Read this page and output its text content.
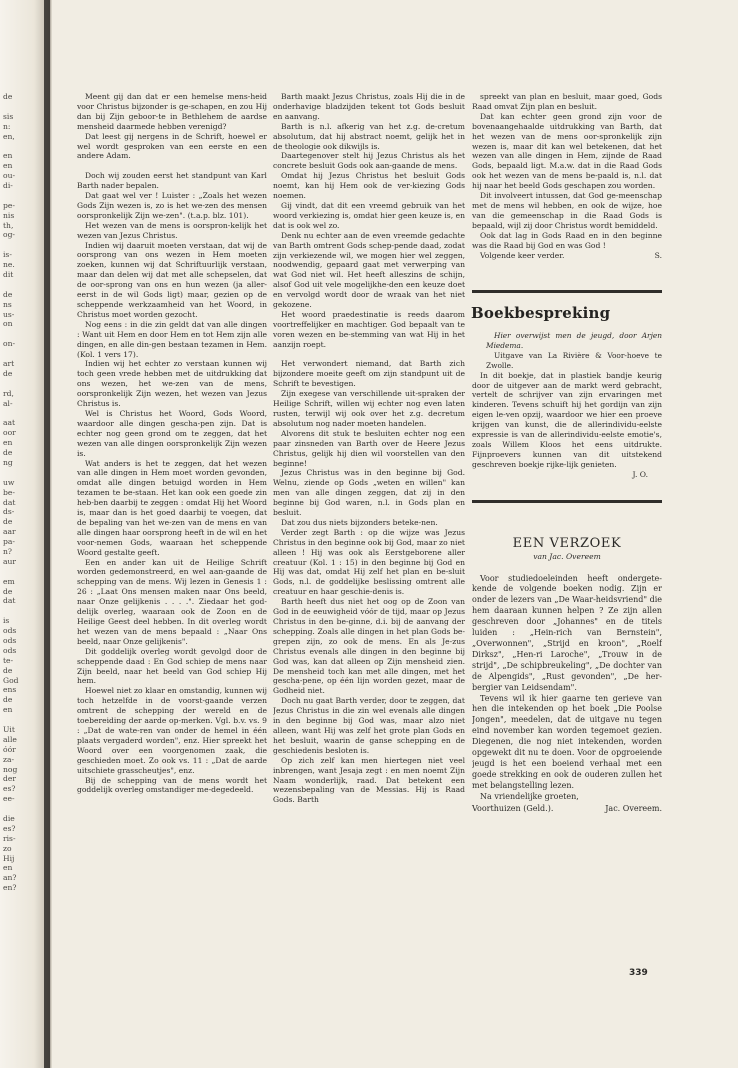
de
sis
n:
en,
en
en
ou-
di-
pe-
nis
th,
og-
is-
ne.
dit
de
ns
us-
on
on-
art
de
rd,
al-
aat
oor
en
de
ng
uw
be-
dat
ds-
de
aar
pa-
n?
aur
em
de
dat
is
ods
ods
ods
te-
de
God
ens
de
en
Uit
alle
óór
za-
nog
der
es?
ee-
die
es?
ris-
zo
Hij
en
an?
en?

Meent gij dan dat er een hemelse mens-heid voor Christus bijzonder is ge-schapen, en zou Hij dan bij Zijn geboor-te in Bethlehem de aardse mensheid daarmede hebben verenigd?

Dat leest gij nergens in de Schrift, hoewel er wel wordt gesproken van een eerste en een andere Adam.

Doch wij zouden eerst het standpunt van Karl Barth nader bepalen.

Dat gaat wel ver ! Luister : „Zoals het wezen Gods Zijn wezen is, zo is het we-zen des mensen oorspronkelijk Zijn we-zen". (t.a.p. blz. 101).

Het wezen van de mens is oorspron-kelijk het wezen van Jezus Christus.

Indien wij daaruit moeten verstaan, dat wij de oorsprong van ons wezen in Hem moeten zoeken, kunnen wij dat Schriftuurlijk verstaan, maar dan delen wij dat met alle schepselen, dat de oor-sprong van ons en hun wezen (ja aller-eerst in de wil Gods ligt) maar, gezien op de scheppende werkzaamheid van het Woord, in Christus moet worden gezocht.

Nog eens : in die zin geldt dat van alle dingen : Want uit Hem en door Hem en tot Hem zijn alle dingen, en alle din-gen bestaan tezamen in Hem. (Kol. 1 vers 17).

Indien wij het echter zo verstaan kunnen wij toch geen vrede hebben met de uitdrukking dat ons wezen, het we-zen van de mens, oorspronkelijk Zijn wezen, het wezen van Jezus Christus is.

Wel is Christus het Woord, Gods Woord, waardoor alle dingen gescha-pen zijn. Dat is echter nog geen grond om te zeggen, dat het wezen van alle dingen oorspronkelijk Zijn wezen is.

Wat anders is het te zeggen, dat het wezen van alle dingen in Hem moet worden gevonden, omdat alle dingen betuigd worden in Hem tezamen te be-staan. Het kan ook een goede zin heb-ben daarbij te zeggen : omdat Hij het Woord is, maar dan is het goed daarbij te voegen, dat de bepaling van het we-zen van de mens en van alle dingen haar oorsprong heeft in de wil en het voor-nemen Gods, waaraan het scheppende Woord gestalte geeft.

Een en ander kan uit de Heilige Schrift worden gedemonstreerd, en wel aan-gaande de schepping van de mens. Wij lezen in Genesis 1 : 26 : „Laat Ons mensen maken naar Ons beeld, naar Onze gelijkenis . . . .". Ziedaar het god-delijk overleg, waaraan ook de Zoon en de Heilige Geest deel hebben. In dit overleg wordt het wezen van de mens bepaald : „Naar Ons beeld, naar Onze gelijkenis".

Dit goddelijk overleg wordt gevolgd door de scheppende daad : En God schiep de mens naar Zijn beeld, naar het beeld van God schiep Hij hem.

Hoewel niet zo klaar en omstandig, kunnen wij toch hetzelfde in de voorst-gaande verzen omtrent de schepping der wereld en de toebereiding der aarde op-merken. Vgl. b.v. vs. 9 : „Dat de wate-ren van onder de hemel in één plaats vergaderd worden", enz. Hier spreekt het Woord over een voorgenomen zaak, die geschieden moet. Zo ook vs. 11 : „Dat de aarde uitschiete grasscheutjes", enz.

Bij de schepping van de mens wordt het goddelijk overleg omstandiger me-degedeeld.

Barth maakt Jezus Christus, zoals Hij die in de onderhavige bladzijden tekent tot Gods besluit en aanvang.

Barth is n.l. afkerig van het z.g. de-cretum absolutum, dat hij abstract noemt, gelijk het in de theologie ook dikwijls is.

Daartegenover stelt hij Jezus Christus als het concrete besluit Gods ook aan-gaande de mens.

Omdat hij Jezus Christus het besluit Gods noemt, kan hij Hem ook de ver-kiezing Gods noemen.

Gij vindt, dat dit een vreemd gebruik van het woord verkiezing is, omdat hier geen keuze is, en dat is ook wel zo.

Denk nu echter aan de even vreemde gedachte van Barth omtrent Gods schep-pende daad, zodat zijn verkiezende wil, we mogen hier wel zeggen, noodwendig, gepaard gaat met verwerping van wat God niet wil. Het heeft alleszins de schijn, alsof God uit vele mogelijkhe-den een keuze doet en vervolgd wordt door de wraak van het niet gekozene.

Het woord praedestinatie is reeds daarom voortreffelijker en machtiger. God bepaalt van te voren wezen en be-stemming van wat Hij in het aanzijn roept.

Het verwondert niemand, dat Barth zich bijzondere moeite geeft om zijn standpunt uit de Schrift te bevestigen.

Zijn exegese van verschillende uit-spraken der Heilige Schrift, willen wij echter nog even laten rusten, terwijl wij ook over het z.g. decretum absolutum nog nader moeten handelen.

Alvorens dit stuk te besluiten echter nog een paar zinsneden van Barth over de Heere Jezus Christus, gelijk hij dien wil voorstellen van den beginne!

Jezus Christus was in den beginne bij God. Welnu, ziende op Gods „weten en willen" kan men van alle dingen zeggen, dat zij in den beginne bij God waren, n.l. in Gods plan en besluit.

Dat zou dus niets bijzonders beteke-nen.

Verder zegt Barth : op die wijze was Jezus Christus in den beginne ook bij God, maar zo niet alleen ! Hij was ook als Eerstgeborene aller creatuur (Kol. 1 : 15) in den beginne bij God en Hij was dat, omdat Hij zelf het plan en be-sluit Gods, n.l. de goddelijke beslissing omtrent alle creatuur en haar geschie-denis is.

Barth heeft dus niet het oog op de Zoon van God in de eeuwigheid vóór de tijd, maar op Jezus Christus in den be-ginne, d.i. bij de aanvang der schepping. Zoals alle dingen in het plan Gods be-grepen zijn, zo ook de mens. En als Je-zus Christus evenals alle dingen in den beginne bij God was, kan dat alleen op Zijn mensheid zien. De mensheid toch kan met alle dingen, met het gescha-pene, op één lijn worden gezet, maar de Godheid niet.

Doch nu gaat Barth verder, door te zeggen, dat Jezus Christus in die zin wel evenals alle dingen in den beginne bij God was, maar alzo niet alleen, want Hij was zelf het grote plan Gods en het besluit, waarin de ganse schepping en de geschiedenis besloten is.

Op zich zelf kan men hiertegen niet veel inbrengen, want Jesaja zegt : en men noemt Zijn Naam wonderlijk, raad. Dat betekent een wezensbepaling van de Messias. Hij is Raad Gods. Barth

spreekt van plan en besluit, maar goed, Gods Raad omvat Zijn plan en besluit.

Dat kan echter geen grond zijn voor de bovenaangehaalde uitdrukking van Barth, dat het wezen van de mens oor-spronkelijk zijn wezen is, maar dit kan wel betekenen, dat het wezen van alle dingen in Hem, zijnde de Raad Gods, bepaald ligt. M.a.w. dat in die Raad Gods ook het wezen van de mens be-paald is, n.l. dat hij naar het beeld Gods geschapen zou worden.

Dit involveert intussen, dat God ge-meenschap met de mens wil hebben, en ook de wijze, hoe van die gemeenschap in die Raad Gods is bepaald, wijl zij door Christus wordt bemiddeld.

Ook dat lag in Gods Raad en in den beginne was die Raad bij God en was God !

Volgende keer verder.	S.
Boekbespreking

Hier overwijst men de jeugd, door Arjen Miedema.

Uitgave van La Rivière & Voor-hoeve te Zwolle.

In dit boekje, dat in plastiek bandje keurig door de uitgever aan de markt werd gebracht, vertelt de schrijver van zijn ervaringen met kinderen. Tevens schuift hij het gordijn van zijn eigen le-ven opzij, waardoor we hier een proeve krijgen van kunst, die de allerindividu-eelste expressie is van de allerindividu-eelste emotie's, zoals Willem Kloos het eens uitdrukte. Fijnproevers kunnen van dit uitstekend geschreven boekje rijke-lijk genieten.

J. O.
EEN VERZOEK
van Jac. Overeem

Voor studiedoeleinden heeft ondergete-kende de volgende boeken nodig. Zijn er onder de lezers van „De Waar-heidsvriend" die hem daaraan kunnen helpen ? Ze zijn allen geschreven door „Johannes" en de titels luiden : „Hein-rich van Bernstein", „Overwonnen", „Strijd en kroon", „Roelf Dirksz", „Hen-ri Laroche", „Trouw in de strijd", „De schipbreukeling", „De dochter van de Alpengids", „Rust gevonden", „De her-bergier van Leidsendam".

Tevens wil ik hier gaarne ten gerieve van hen die intekenden op het boek „Die Poolse Jongen", meedelen, dat de uitgave nu tegen eind november kan worden tegemoet gezien. Diegenen, die nog niet intekenden, worden opgewekt dit nu te doen. Voor de opgroeiende jeugd is het een boeiend verhaal met een goede strekking en ook de ouderen zullen het met belangstelling lezen.

Na vriendelijke groeten,

Voorthuizen (Geld.).	Jac. Overeem.
339
